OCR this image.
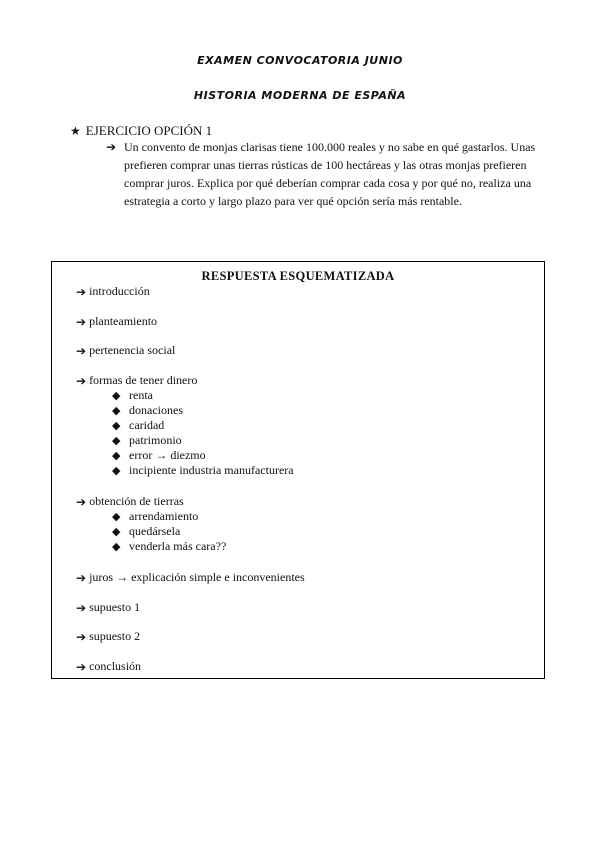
EXAMEN CONVOCATORIA JUNIO
HISTORIA MODERNA DE ESPAÑA
★ EJERCICIO OPCIÓN 1
➔ Un convento de monjas clarisas tiene 100.000 reales y no sabe en qué gastarlos. Unas prefieren comprar unas tierras rústicas de 100 hectáreas y las otras monjas prefieren comprar juros. Explica por qué deberían comprar cada cosa y por qué no, realiza una estrategia a corto y largo plazo para ver qué opción sería más rentable.
RESPUESTA ESQUEMATIZADA
➔ introducción
➔ planteamiento
➔ pertenencia social
➔ formas de tener dinero
◆ renta
◆ donaciones
◆ caridad
◆ patrimonio
◆ error → diezmo
◆ incipiente industria manufacturera
➔ obtención de tierras
◆ arrendamiento
◆ quedársela
◆ venderla más cara??
➔ juros → explicación simple e inconvenientes
➔ supuesto 1
➔ supuesto 2
➔ conclusión
